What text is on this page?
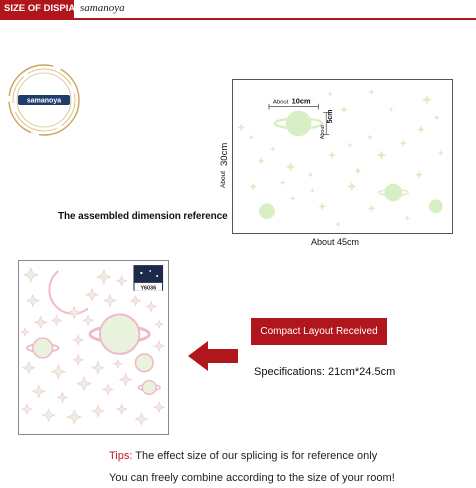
SIZE OF DISPIA samanoya
samanoya
The assembled dimension reference
About
30cm
About 10cm
About
5cm
About 45cm
Y6036
Compact Layout Received
Specifications: 21cm*24.5cm
Tips: The effect size of our splicing is for reference only
You can freely combine according to the size of your room!
